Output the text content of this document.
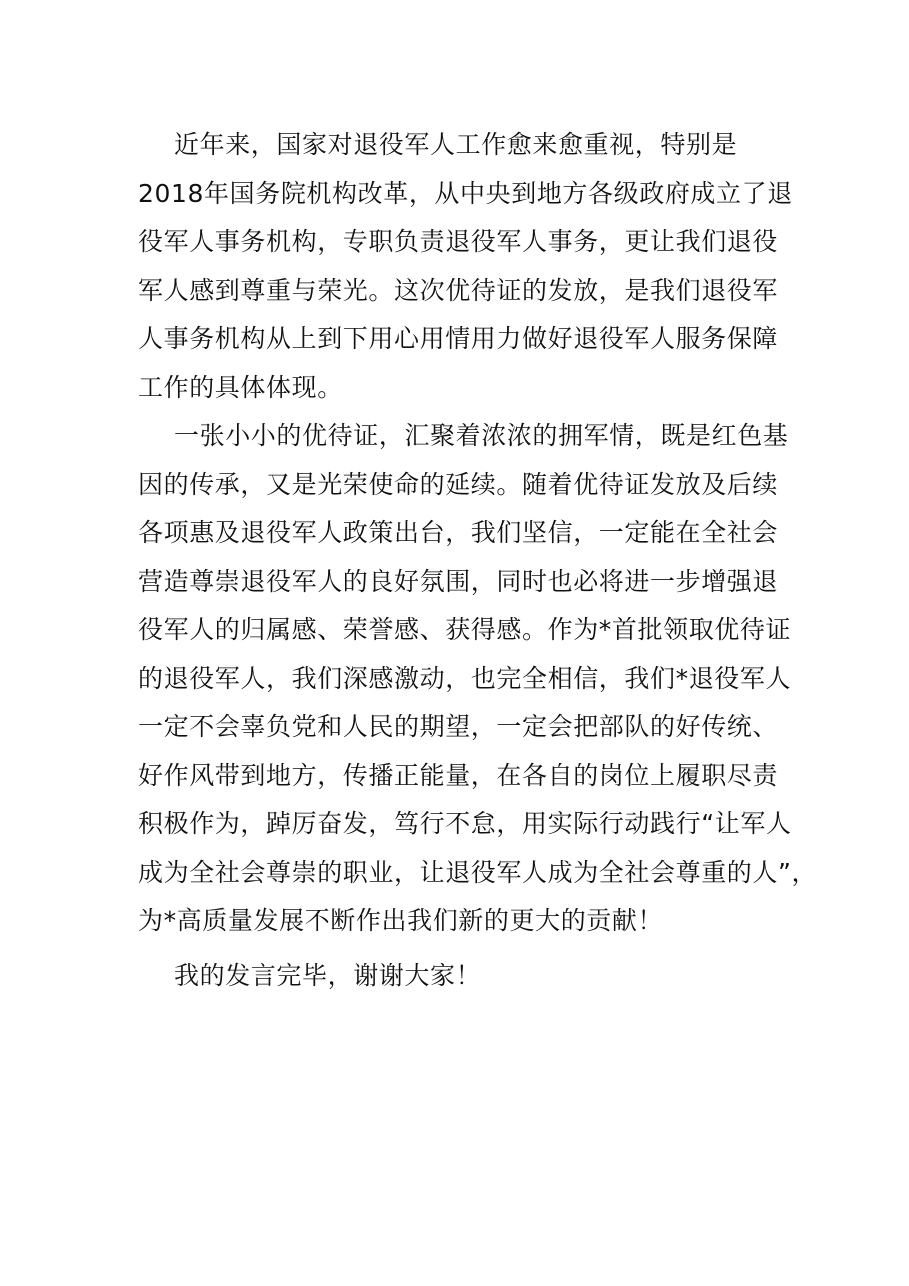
近年来，国家对退役军人工作愈来愈重视，特别是
2018年国务院机构改革，从中央到地方各级政府成立了退
役军人事务机构，专职负责退役军人事务，更让我们退役
军人感到尊重与荣光。这次优待证的发放，是我们退役军
人事务机构从上到下用心用情用力做好退役军人服务保障
工作的具体体现。
一张小小的优待证，汇聚着浓浓的拥军情，既是红色基
因的传承，又是光荣使命的延续。随着优待证发放及后续
各项惠及退役军人政策出台，我们坚信，一定能在全社会
营造尊崇退役军人的良好氛围，同时也必将进一步增强退
役军人的归属感、荣誉感、获得感。作为*首批领取优待证
的退役军人，我们深感激动，也完全相信，我们*退役军人
一定不会辜负党和人民的期望，一定会把部队的好传统、
好作风带到地方，传播正能量，在各自的岗位上履职尽责
积极作为，踔厉奋发，笃行不怠，用实际行动践行“让军人
成为全社会尊崇的职业，让退役军人成为全社会尊重的人”，
为*高质量发展不断作出我们新的更大的贡献！
我的发言完毕，谢谢大家！
